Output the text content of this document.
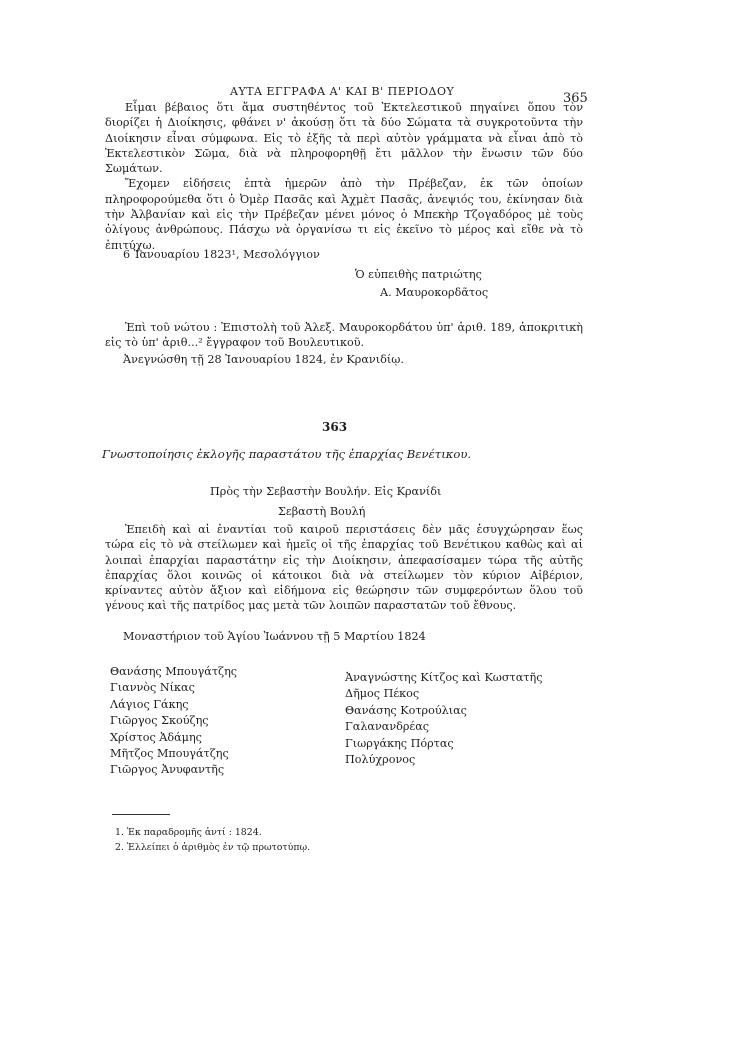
ΑΥΤΑ ΕΓΓΡΑΦΑ Α' ΚΑΙ Β' ΠΕΡΙΟΔΟΥ	365

Εἶμαι βέβαιος ὅτι ἅμα συστηθέντος τοῦ Ἐκτελεστικοῦ πηγαίνει ὅπου τὸν διορίζει ἡ Διοίκησις, φθάνει ν' ἀκούσῃ ὅτι τὰ δύο Σώματα τὰ συγκροτοῦντα τὴν Διοίκησιν εἶναι σύμφωνα. Εἰς τὸ ἑξῆς τὰ περὶ αὐτὸν γράμματα νὰ εἶναι ἀπὸ τὸ Ἐκτελεστικὸν Σῶμα, διὰ νὰ πληροφορηθῇ ἔτι μᾶλλον τὴν ἕνωσιν τῶν δύο Σωμάτων.

Ἔχομεν εἰδήσεις ἑπτὰ ἡμερῶν ἀπὸ τὴν Πρέβεζαν, ἐκ τῶν ὁποίων πληροφορούμεθα ὅτι ὁ Ὀμὲρ Πασᾶς καὶ Ἀχμὲτ Πασᾶς, ἀνεψιός του, ἐκίνησαν διὰ τὴν Ἀλβανίαν καὶ εἰς τὴν Πρέβεζαν μένει μόνος ὁ Μπεκὴρ Τζογαδόρος μὲ τοὺς ὀλίγους ἀνθρώπους. Πάσχω νὰ ὀργανίσω τι εἰς ἐκεῖνο τὸ μέρος καὶ εἴθε νὰ τὸ ἐπιτύχω.

6 Ἰανουαρίου 1823¹, Μεσολόγγιον
Ὁ εὐπειθὴς πατριώτης
Α. Μαυροκορδᾶτος

Ἐπὶ τοῦ νώτου : Ἐπιστολὴ τοῦ Ἀλεξ. Μαυροκορδάτου ὑπ' ἀριθ. 189, ἀποκριτικὴ εἰς τὸ ὑπ' ἀριθ...² ἔγγραφον τοῦ Βουλευτικοῦ.

Ἀνεγνώσθη τῇ 28 Ἰανουαρίου 1824, ἐν Κρανιδίῳ.
363
Γνωστοποίησις ἐκλογῆς παραστάτου τῆς ἐπαρχίας Βενέτικου.
Πρὸς τὴν Σεβαστὴν Βουλήν. Εἰς Κρανίδι
Σεβαστὴ Βουλή

Ἐπειδὴ καὶ αἱ ἐναντίαι τοῦ καιροῦ περιστάσεις δὲν μᾶς ἐσυγχώρησαν ἕως τώρα εἰς τὸ νὰ στείλωμεν καὶ ἡμεῖς οἱ τῆς ἐπαρχίας τοῦ Βενέτικου καθὼς καὶ αἱ λοιπαὶ ἐπαρχίαι παραστάτην εἰς τὴν Διοίκησιν, ἀπεφασίσαμεν τώρα τῆς αὐτῆς ἐπαρχίας ὅλοι κοινῶς οἱ κάτοικοι διὰ νὰ στείλωμεν τὸν κύριον Αἰβέριον, κρίναντες αὐτὸν ἄξιον καὶ εἰδήμονα εἰς θεώρησιν τῶν συμφερόντων ὅλου τοῦ γένους καὶ τῆς πατρίδος μας μετὰ τῶν λοιπῶν παραστατῶν τοῦ ἔθνους.

Μοναστήριον τοῦ Ἁγίου Ἰωάννου τῇ 5 Μαρτίου 1824
Θανάσης Μπουγάτζης
Γιαννὸς Νίκας
Λάγιος Γάκης
Γιῶργος Σκούζης
Χρίστος Ἀδάμης
Μῆτζος Μπουγάτζης
Γιῶργος Ἀνυφαντῆς
Ἀναγνώστης Κίτζος καὶ Κωστατῆς
Δῆμος Πέκος
Θανάσης Κοτρούλιας
Γαλανανδρέας
Γιωργάκης Πόρτας
Πολύχρονος
1. Ἐκ παραδρομῆς ἀντί : 1824.
2. Ἐλλείπει ὁ ἀριθμὸς ἐν τῷ πρωτοτύπῳ.
